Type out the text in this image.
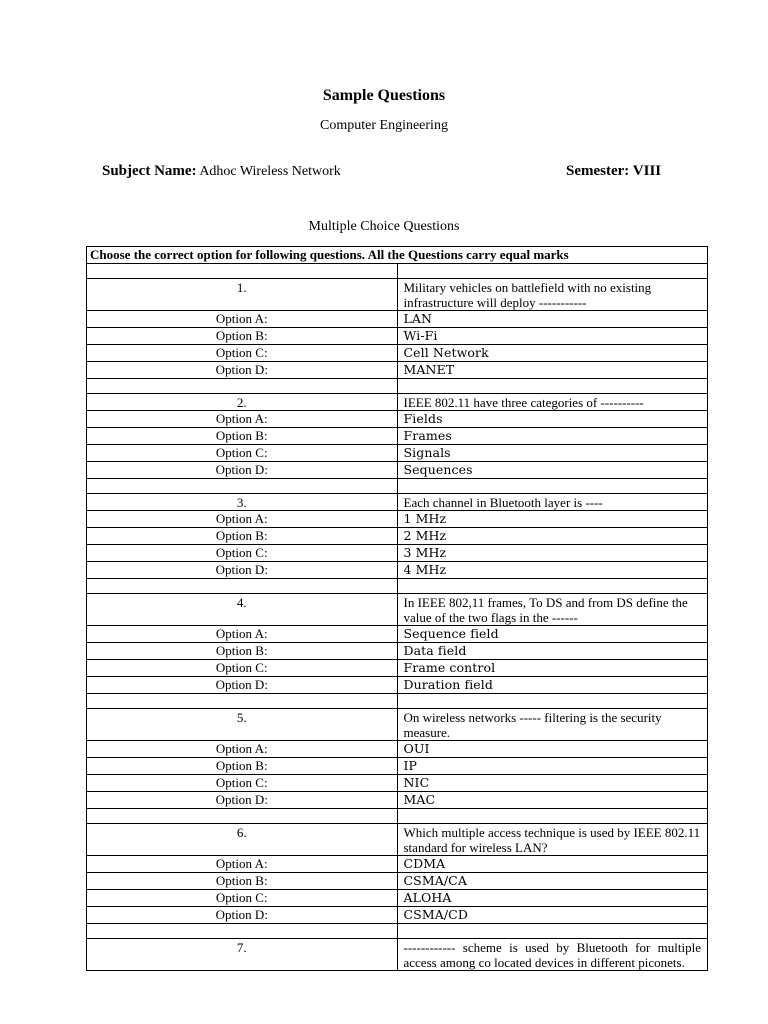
Sample Questions
Computer Engineering
Subject Name: Adhoc Wireless Network	Semester: VIII
Multiple Choice Questions
Choose the correct option for following questions. All the Questions carry equal marks	

1.	Military vehicles on battlefield with no existing infrastructure will deploy -----------
Option A:	LAN
Option B:	Wi-Fi
Option C:	Cell Network
Option D:	MANET

2.	IEEE 802.11 have three categories of ----------
Option A:	Fields
Option B:	Frames
Option C:	Signals
Option D:	Sequences

3.	Each channel in Bluetooth layer is ----
Option A:	1 MHz
Option B:	2 MHz
Option C:	3 MHz
Option D:	4 MHz

4.	In IEEE 802,11 frames, To DS and from DS define the value of the two flags in the ------
Option A:	Sequence field
Option B:	Data field
Option C:	Frame control
Option D:	Duration field

5.	On wireless networks ----- filtering is the security measure.
Option A:	OUI
Option B:	IP
Option C:	NIC
Option D:	MAC

6.	Which multiple access technique is used by IEEE 802.11 standard for wireless LAN?
Option A:	CDMA
Option B:	CSMA/CA
Option C:	ALOHA
Option D:	CSMA/CD

7.	------------ scheme is used by Bluetooth for multiple access among co located devices in different piconets.
